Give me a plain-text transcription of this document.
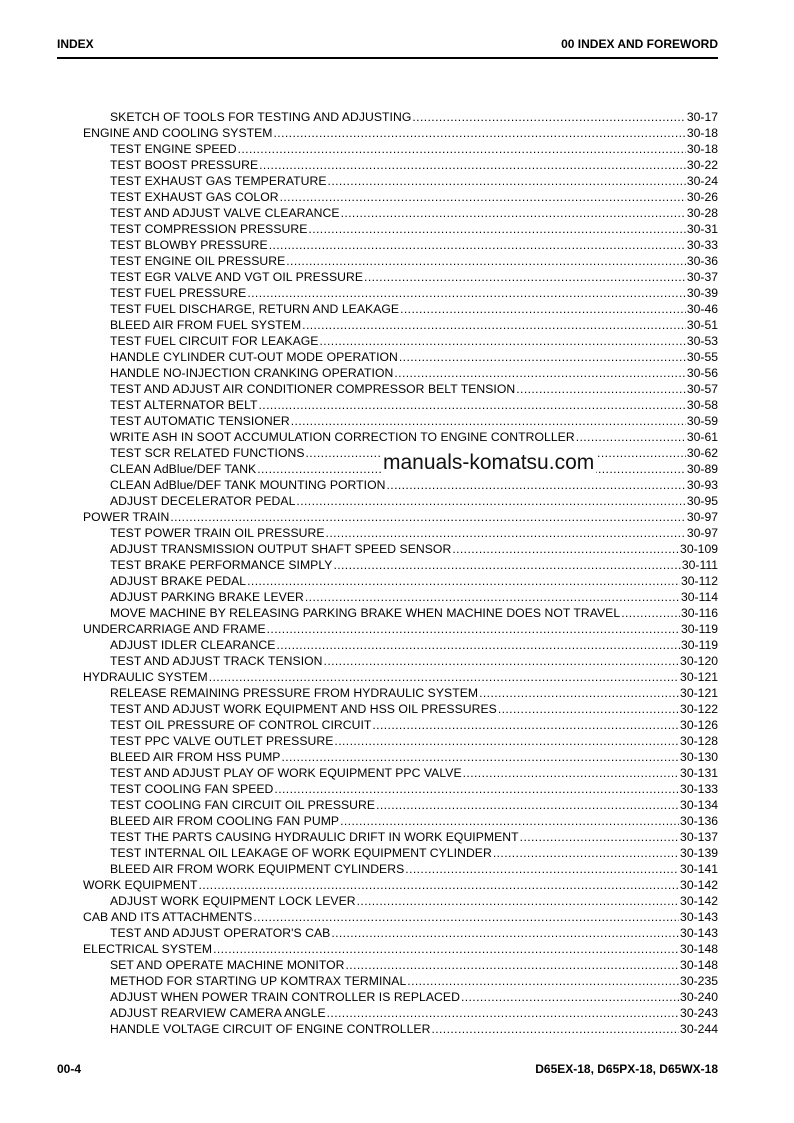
INDEX	00 INDEX AND FOREWORD
SKETCH OF TOOLS FOR TESTING AND ADJUSTING .....	30-17
ENGINE AND COOLING SYSTEM .....	30-18
TEST ENGINE SPEED .....	30-18
TEST BOOST PRESSURE .....	30-22
TEST EXHAUST GAS TEMPERATURE .....	30-24
TEST EXHAUST GAS COLOR .....	30-26
TEST AND ADJUST VALVE CLEARANCE .....	30-28
TEST COMPRESSION PRESSURE .....	30-31
TEST BLOWBY PRESSURE .....	30-33
TEST ENGINE OIL PRESSURE .....	30-36
TEST EGR VALVE AND VGT OIL PRESSURE .....	30-37
TEST FUEL PRESSURE .....	30-39
TEST FUEL DISCHARGE, RETURN AND LEAKAGE .....	30-46
BLEED AIR FROM FUEL SYSTEM .....	30-51
TEST FUEL CIRCUIT FOR LEAKAGE .....	30-53
HANDLE CYLINDER CUT-OUT MODE OPERATION .....	30-55
HANDLE NO-INJECTION CRANKING OPERATION .....	30-56
TEST AND ADJUST AIR CONDITIONER COMPRESSOR BELT TENSION .....	30-57
TEST ALTERNATOR BELT .....	30-58
TEST AUTOMATIC TENSIONER .....	30-59
WRITE ASH IN SOOT ACCUMULATION CORRECTION TO ENGINE CONTROLLER .....	30-61
TEST SCR RELATED FUNCTIONS .....	30-62
CLEAN AdBlue/DEF TANK .....	30-89
CLEAN AdBlue/DEF TANK MOUNTING PORTION .....	30-93
ADJUST DECELERATOR PEDAL .....	30-95
POWER TRAIN .....	30-97
TEST POWER TRAIN OIL PRESSURE .....	30-97
ADJUST TRANSMISSION OUTPUT SHAFT SPEED SENSOR .....	30-109
TEST BRAKE PERFORMANCE SIMPLY .....	30-111
ADJUST BRAKE PEDAL .....	30-112
ADJUST PARKING BRAKE LEVER .....	30-114
MOVE MACHINE BY RELEASING PARKING BRAKE WHEN MACHINE DOES NOT TRAVEL .....	30-116
UNDERCARRIAGE AND FRAME .....	30-119
ADJUST IDLER CLEARANCE .....	30-119
TEST AND ADJUST TRACK TENSION .....	30-120
HYDRAULIC SYSTEM .....	30-121
RELEASE REMAINING PRESSURE FROM HYDRAULIC SYSTEM .....	30-121
TEST AND ADJUST WORK EQUIPMENT AND HSS OIL PRESSURES .....	30-122
TEST OIL PRESSURE OF CONTROL CIRCUIT .....	30-126
TEST PPC VALVE OUTLET PRESSURE .....	30-128
BLEED AIR FROM HSS PUMP .....	30-130
TEST AND ADJUST PLAY OF WORK EQUIPMENT PPC VALVE .....	30-131
TEST COOLING FAN SPEED .....	30-133
TEST COOLING FAN CIRCUIT OIL PRESSURE .....	30-134
BLEED AIR FROM COOLING FAN PUMP .....	30-136
TEST THE PARTS CAUSING HYDRAULIC DRIFT IN WORK EQUIPMENT .....	30-137
TEST INTERNAL OIL LEAKAGE OF WORK EQUIPMENT CYLINDER .....	30-139
BLEED AIR FROM WORK EQUIPMENT CYLINDERS .....	30-141
WORK EQUIPMENT .....	30-142
ADJUST WORK EQUIPMENT LOCK LEVER .....	30-142
CAB AND ITS ATTACHMENTS .....	30-143
TEST AND ADJUST OPERATOR'S CAB .....	30-143
ELECTRICAL SYSTEM .....	30-148
SET AND OPERATE MACHINE MONITOR .....	30-148
METHOD FOR STARTING UP KOMTRAX TERMINAL .....	30-235
ADJUST WHEN POWER TRAIN CONTROLLER IS REPLACED .....	30-240
ADJUST REARVIEW CAMERA ANGLE .....	30-243
HANDLE VOLTAGE CIRCUIT OF ENGINE CONTROLLER .....	30-244
manuals-komatsu.com
00-4	D65EX-18, D65PX-18, D65WX-18
